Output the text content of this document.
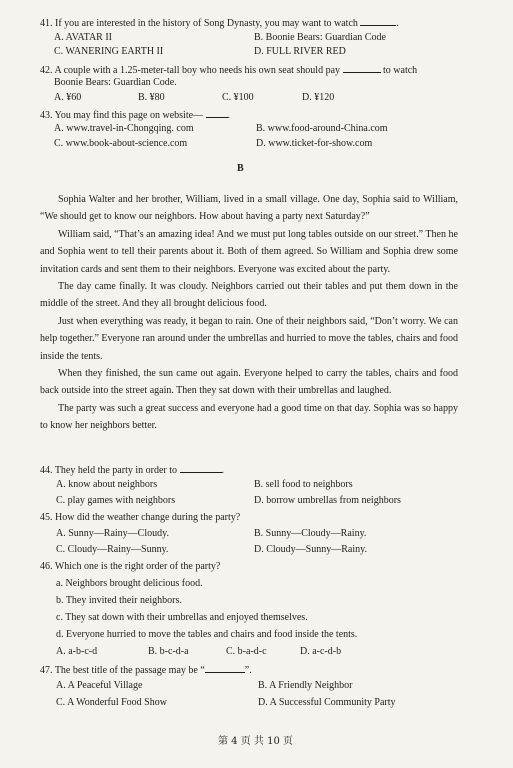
41. If you are interested in the history of Song Dynasty, you may want to watch	.
A. AVATAR II	B. Boonie Bears: Guardian Code
C. WANERING EARTH II	D. FULL RIVER RED
42. A couple with a 1.25-meter-tall boy who needs his own seat should pay	to watch
Boonie Bears: Guardian Code.
A. ¥60	B. ¥80	C. ¥100	D. ¥120
43. You may find this page on website— .
A. www.travel-in-Chongqing. com	B. www.food-around-China.com
C. www.book-about-science.com	D. www.ticket-for-show.com
B

Sophia Walter and her brother, William, lived in a small village. One day, Sophia said to William, “We should get to know our neighbors. How about having a party next Saturday?”

William said, “That’s an amazing idea! And we must put long tables outside on our street.” Then he and Sophia went to tell their parents about it. Both of them agreed. So William and Sophia drew some invitation cards and sent them to their neighbors. Everyone was excited about the party.

The day came finally. It was cloudy. Neighbors carried out their tables and put them down in the middle of the street. And they all brought delicious food.

Just when everything was ready, it began to rain. One of their neighbors said, “Don’t worry. We can help together.” Everyone ran around under the umbrellas and hurried to move the tables, chairs and food inside the tents.

When they finished, the sun came out again. Everyone helped to carry the tables, chairs and food back outside into the street again. Then they sat down with their umbrellas and laughed.

The party was such a great success and everyone had a good time on that day. Sophia was so happy to know her neighbors better.

44. They held the party in order to	.
A. know about neighbors	B. sell food to neighbors
C. play games with neighbors	D. borrow umbrellas from neighbors
45. How did the weather change during the party?
A. Sunny—Rainy—Cloudy.	B. Sunny—Cloudy—Rainy.
C. Cloudy—Rainy—Sunny.	D. Cloudy—Sunny—Rainy.
46. Which one is the right order of the party?
a. Neighbors brought delicious food.
b. They invited their neighbors.
c. They sat down with their umbrellas and enjoyed themselves.
d. Everyone hurried to move the tables and chairs and food inside the tents.
A. a-b-c-d	B. b-c-d-a	C. b-a-d-c	D. a-c-d-b
47. The best title of the passage may be “	”.
A. A Peaceful Village	B. A Friendly Neighbor
C. A Wonderful Food Show	D. A Successful Community Party
第 4 页 共 10 页
